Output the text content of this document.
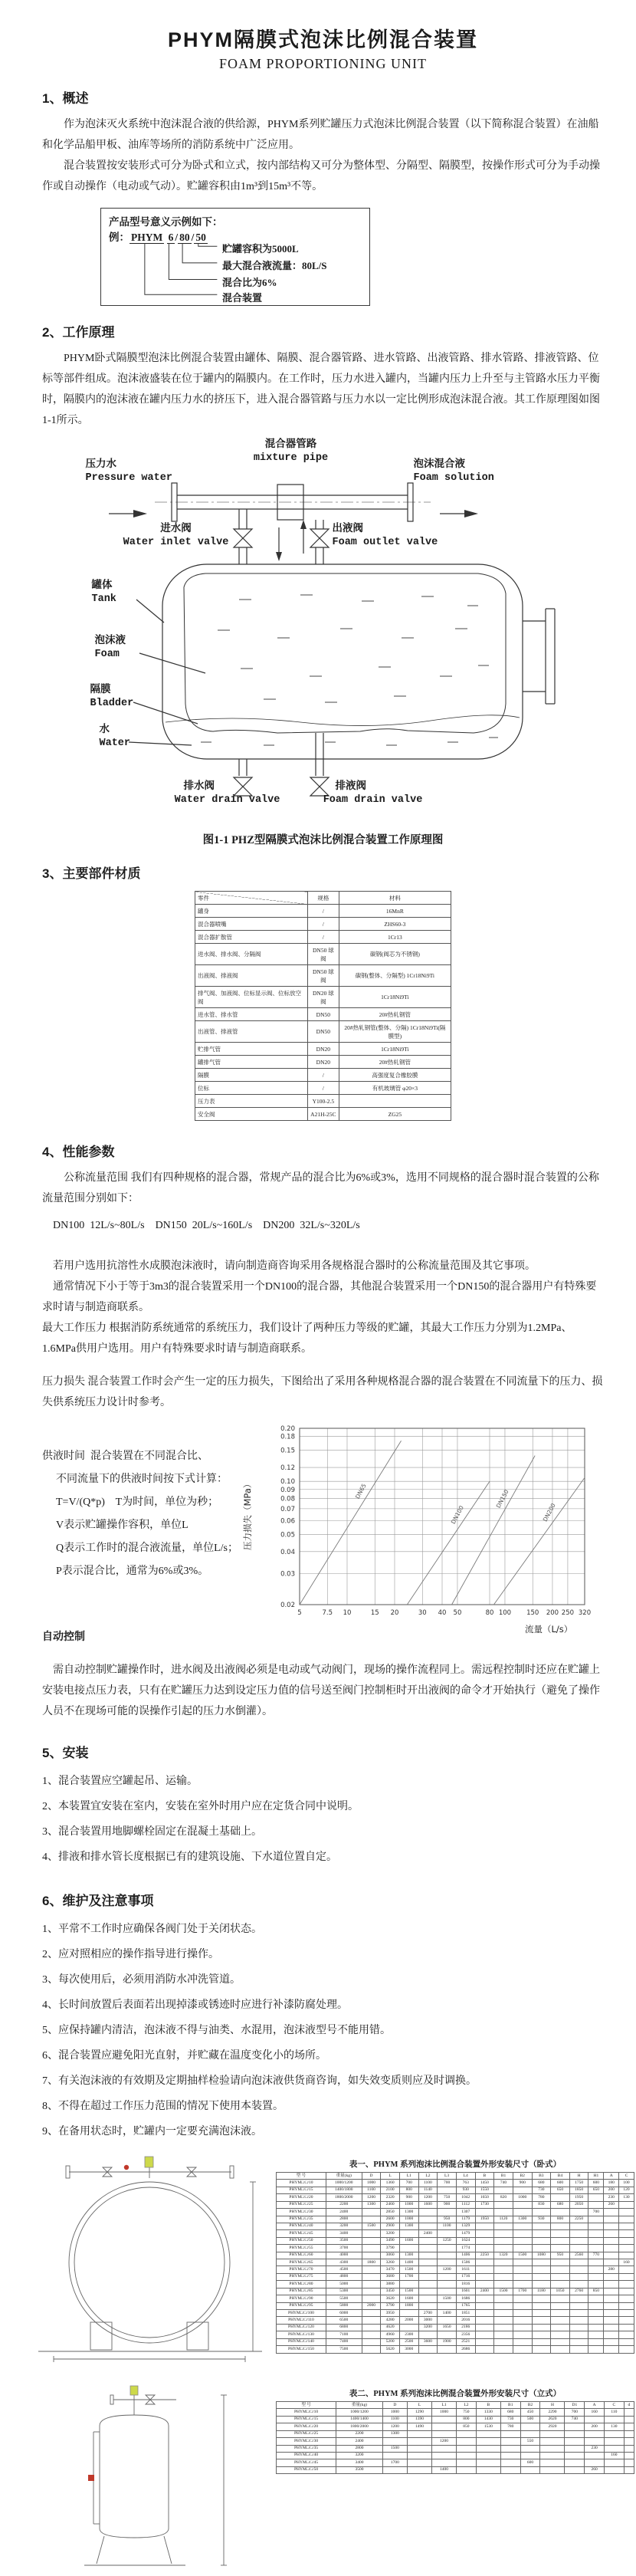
PHYM隔膜式泡沫比例混合装置
FOAM PROPORTIONING UNIT
1、概述

作为泡沫灭火系统中泡沫混合液的供给源，PHYM系列贮罐压力式泡沫比例混合装置（以下简称混合装置）在油船和化学品船甲板、油库等场所的消防系统中广泛应用。

混合装置按安装形式可分为卧式和立式，按内部结构又可分为整体型、分隔型、隔膜型，按操作形式可分为手动操作或自动操作（电动或气动）。贮罐容积由1m³到15m³不等。

产品型号意义示例如下：

例： PHYM 6 / 80 / 50

贮罐容积为5000L
最大混合液流量：80L/S
混合比为6%
混合装置
2、工作原理

PHYM卧式隔膜型泡沫比例混合装置由罐体、隔膜、混合器管路、进水管路、出液管路、排水管路、排液管路、位标等部件组成。泡沫液盛装在位于罐内的隔膜内。在工作时，压力水进入罐内，当罐内压力上升至与主管路水压力平衡时，隔膜内的泡沫液在罐内压力水的挤压下，进入混合器管路与压力水以一定比例形成泡沫混合液。其工作原理图如图1-1所示。

压力水
Pressure water
混合器管路
mixture pipe
泡沫混合液
Foam solution
进水阀
Water inlet valve
出液阀
Foam outlet valve
罐体
Tank
泡沫液
Foam
隔膜
Bladder
水
Water
排水阀
Water drain valve
排液阀
Foam drain valve
图1-1 PHZ型隔膜式泡沫比例混合装置工作原理图
3、主要部件材质
零件	规格	材料
罐身	/	16MnR
混合器喷嘴	/	ZHS60-3
混合器扩散管	/	1Cr13
进水阀、排水阀、分隔阀	DN50 球阀	碳钢(阀芯为不锈钢)
出液阀、排液阀	DN50 球阀	碳钢(整体、分隔型) 1Cr18Ni9Ti
排气阀、加液阀、位标显示阀、位标放空阀	DN20 球阀	1Cr18Ni9Ti
进水管、排水管	DN50	20#热轧钢管
出液管、排液管	DN50	20#热轧钢管(整体、分隔) 1Cr18Ni9Ti(隔膜型)
贮排气管	DN20	1Cr18Ni9Ti
罐排气管	DN20	20#热轧钢管
隔膜	/	高强度复合橡胶膜
位标	/	有机玻璃管 φ20×3
压力表	Y100-2.5	
安全阀	A21H-25C	ZG25
4、性能参数

公称流量范围 我们有四种规格的混合器，常规产品的混合比为6%或3%，选用不同规格的混合器时混合装置的公称流量范围分别如下：

DN100  12L/s~80L/s    DN150  20L/s~160L/s    DN200  32L/s~320L/s

若用户选用抗溶性水成膜泡沫液时，请向制造商咨询采用各规格混合器时的公称流量范围及其它事项。

通常情况下小于等于3m3的混合装置采用一个DN100的混合器，其他混合装置采用一个DN150的混合器用户有特殊要求时请与制造商联系。

最大工作压力 根据消防系统通常的系统压力，我们设计了两种压力等级的贮罐，其最大工作压力分别为1.2MPa、1.6MPa供用户选用。用户有特殊要求时请与制造商联系。

压力损失 混合装置工作时会产生一定的压力损失，下图给出了采用各种规格混合器的混合装置在不同流量下的压力、损失供系统压力设计时参考。

供液时间  混合装置在不同混合比、

不同流量下的供液时间按下式计算：

T=V/(Q*p)    T为时间，单位为秒；

V表示贮罐操作容积，单位L

Q表示工作时的混合液流量，单位L/s；

P表示混合比，通常为6%或3%。

自动控制

5	7.5 10	15 20	30 40 50	80 100 150 200 250 320
0.02
0.03
0.04
0.05
0.06
0.07
0.08
0.09
0.10
0.12
0.15
0.18
0.20
DN65
DN100
DN150
DN200
流量（L/s）
压力损失（MPa）

需自动控制贮罐操作时，进水阀及出液阀必须是电动或气动阀门，现场的操作流程同上。需远程控制时还应在贮罐上安装电接点压力表，只有在贮罐压力达到设定压力值的信号送至阀门控制柜时开出液阀的命令才开始执行（避免了操作人员不在现场可能的误操作引起的压力水倒灌）。

5、安装

1、混合装置应空罐起吊、运输。

2、本装置宜安装在室内，安装在室外时用户应在定货合同中说明。

3、混合装置用地脚螺栓固定在混凝土基础上。

4、排液和排水管长度根据已有的建筑设施、下水道位置自定。

6、维护及注意事项

1、平常不工作时应确保各阀门处于关闭状态。

2、应对照相应的操作指导进行操作。

3、每次使用后，必须用消防水冲洗管道。

4、长时间放置后表面若出现掉漆或锈迹时应进行补漆防腐处理。

5、应保持罐内清洁，泡沫液不得与油类、水混用，泡沫液型号不能用错。

6、混合装置应避免阳光直射，并贮藏在温度变化小的场所。

7、有关泡沫液的有效期及定期抽样检验请向泡沫液供货商咨询，如失效变质则应及时调换。

8、不得在超过工作压力范围的情况下使用本装置。

9、在备用状态时，贮罐内一定要充满泡沫液。

表一、PHYM 系列泡沫比例混合装置外形安装尺寸（卧式）
型 号	重量(kg)	D	L	L1	L2	L3	L4	B	B1	B2	B3	B4	H	H1	A	C
PHYM□/□/10	1000/1200	1000	1360	700	1100	700	763	1450	740	900	680	600	1750	600	180	100
PHYM□/□/15	1400/1800	1100	2100	800	1140		930	1550			730	650	1850	650	200	120
PHYM□/□/20	1800/2000	1200	2320	900	1200	750	1042	1650	820	1000	780		1950		230	130
PHYM□/□/25	2200	1300	2460	1000	1600	900	1112	1730			830	680	2050		260	
PHYM□/□/30	2400		2850	1300			1307							700		
PHYM□/□/35	2800		2600	1000		950	1179	1950	1120	1300	930	800	2250			
PHYM□/□/40	3200	1500	2900	1300		1100	1329									
PHYM□/□/45	3400		3200		2400		1479									
PHYM□/□/50	3500		3490	1600		1250	1624									
PHYM□/□/55	3700		3790				1774									
PHYM□/□/60	4000		3060	1300			1406	2250	1320	1500	1080	950	2560	770		
PHYM□/□/65	4300	1800	3260	1400			1506									160
PHYM□/□/70	4500		3470	1500		1200	1611								280	
PHYM□/□/75	4800		3680	1700			1716									
PHYM□/□/80	5000		3880				1816									
PHYM□/□/85	5300		3450	1500			1601	2400	1500	1700	1180	1050	2760	850		
PHYM□/□/90	5500		3620	1600		1500	1686									
PHYM□/□/95	5800	2000	3790	1800			1765									
PHYM□/□/100	6000		3950		2700	1400	1851									
PHYM□/□/110	6500		4280	2000	3000		2016									
PHYM□/□/120	6800		4620		3200	1650	2186									
PHYM□/□/130	7100		4960	2300			2356									
PHYM□/□/140	7400		5200	2500	3600	1900	2521									
PHYM□/□/150	7500		5620	3000			2686									
表二、PHYM 系列泡沫比例混合装置外形安装尺寸（立式）
型 号	重量(kg)	D	L	L1	L2	B	B1	B2	H	D1	A	C	d
PHYM□/□/10	1000/1200	1000	1290	1000	750	1330	680	450	2290	700	160	110	
PHYM□/□/15	1400/1400	1100	1390		800	1430	730	500	2620	740			
PHYM□/□/20	1800/2000	1200	1490		850	1530	780		2920		200	130	
PHYM□/□/25	2200	1300											
PHYM□/□/30	2400			1200				550					
PHYM□/□/35	2800	1500									230		
PHYM□/□/40	3200											160	
PHYM□/□/45	3400	1700						600					
PHYM□/□/50	3500			1400							260		
